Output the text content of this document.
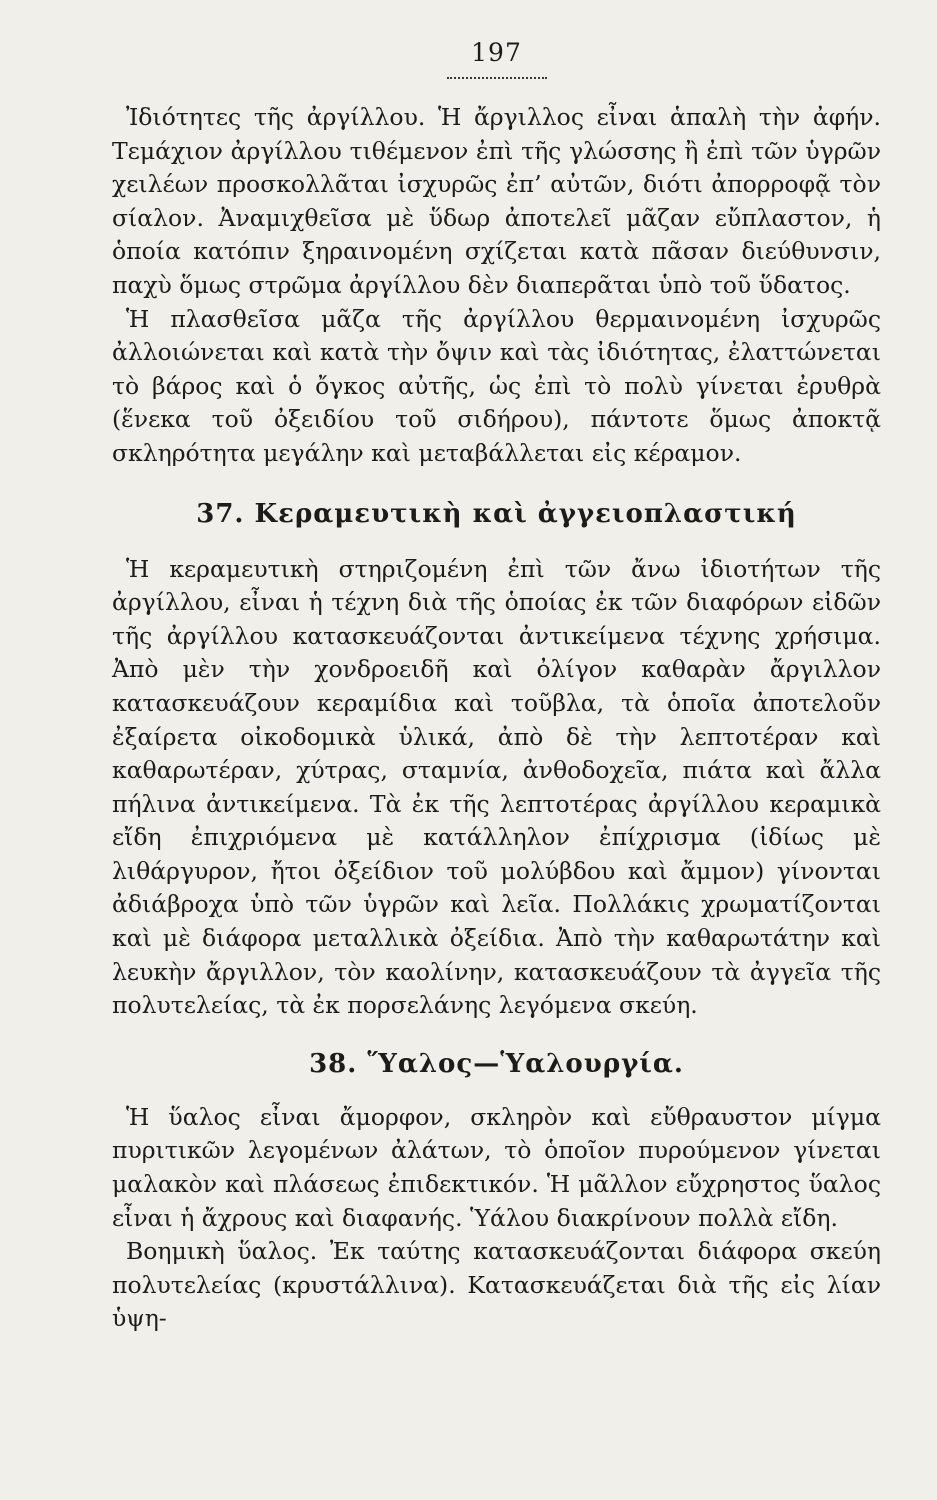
197

Ἰδιότητες τῆς ἀργίλλου. Ἡ ἄργιλλος εἶναι ἁπαλὴ τὴν ἀφήν. Τεμάχιον ἀργίλλου τιθέμενον ἐπὶ τῆς γλώσσης ἢ ἐπὶ τῶν ὑγρῶν χειλέων προσκολλᾶται ἰσχυρῶς ἐπ’ αὐτῶν, διότι ἀπορροφᾷ τὸν σίαλον. Ἀναμιχθεῖσα μὲ ὕδωρ ἀποτελεῖ μᾶζαν εὔπλαστον, ἡ ὁποία κατόπιν ξηραινομένη σχίζεται κατὰ πᾶσαν διεύθυνσιν, παχὺ ὅμως στρῶμα ἀργίλλου δὲν διαπερᾶται ὑπὸ τοῦ ὕδατος.

Ἡ πλασθεῖσα μᾶζα τῆς ἀργίλλου θερμαινομένη ἰσχυρῶς ἀλλοιώνεται καὶ κατὰ τὴν ὄψιν καὶ τὰς ἰδιότητας, ἐλαττώνεται τὸ βάρος καὶ ὁ ὄγκος αὐτῆς, ὡς ἐπὶ τὸ πολὺ γίνεται ἐρυθρὰ (ἕνεκα τοῦ ὀξειδίου τοῦ σιδήρου), πάντοτε ὅμως ἀποκτᾷ σκληρότητα μεγάλην καὶ μεταβάλλεται εἰς κέραμον.

37. Κεραμευτικὴ καὶ ἀγγειοπλαστική

Ἡ κεραμευτικὴ στηριζομένη ἐπὶ τῶν ἄνω ἰδιοτήτων τῆς ἀργίλλου, εἶναι ἡ τέχνη διὰ τῆς ὁποίας ἐκ τῶν διαφόρων εἰδῶν τῆς ἀργίλλου κατασκευάζονται ἀντικείμενα τέχνης χρήσιμα. Ἀπὸ μὲν τὴν χονδροειδῆ καὶ ὀλίγον καθαρὰν ἄργιλλον κατασκευάζουν κεραμίδια καὶ τοῦβλα, τὰ ὁποῖα ἀποτελοῦν ἐξαίρετα οἰκοδομικὰ ὑλικά, ἀπὸ δὲ τὴν λεπτοτέραν καὶ καθαρωτέραν, χύτρας, σταμνία, ἀνθοδοχεῖα, πιάτα καὶ ἄλλα πήλινα ἀντικείμενα. Τὰ ἐκ τῆς λεπτοτέρας ἀργίλλου κεραμικὰ εἴδη ἐπιχριόμενα μὲ κατάλληλον ἐπίχρισμα (ἰδίως μὲ λιθάργυρον, ἤτοι ὀξείδιον τοῦ μολύβδου καὶ ἄμμον) γίνονται ἀδιάβροχα ὑπὸ τῶν ὑγρῶν καὶ λεῖα. Πολλάκις χρωματίζονται καὶ μὲ διάφορα μεταλλικὰ ὀξείδια. Ἀπὸ τὴν καθαρωτάτην καὶ λευκὴν ἄργιλλον, τὸν καολίνην, κατασκευάζουν τὰ ἀγγεῖα τῆς πολυτελείας, τὰ ἐκ πορσελάνης λεγόμενα σκεύη.

38. Ὕαλος—Ὑαλουργία.

Ἡ ὕαλος εἶναι ἄμορφον, σκληρὸν καὶ εὔθραυστον μίγμα πυριτικῶν λεγομένων ἀλάτων, τὸ ὁποῖον πυρούμενον γίνεται μαλακὸν καὶ πλάσεως ἐπιδεκτικόν. Ἡ μᾶλλον εὔχρηστος ὕαλος εἶναι ἡ ἄχρους καὶ διαφανής. Ὑάλου διακρίνουν πολλὰ εἴδη.

Βοημικὴ ὕαλος. Ἐκ ταύτης κατασκευάζονται διάφορα σκεύη πολυτελείας (κρυστάλλινα). Κατασκευάζεται διὰ τῆς εἰς λίαν ὑψη-
